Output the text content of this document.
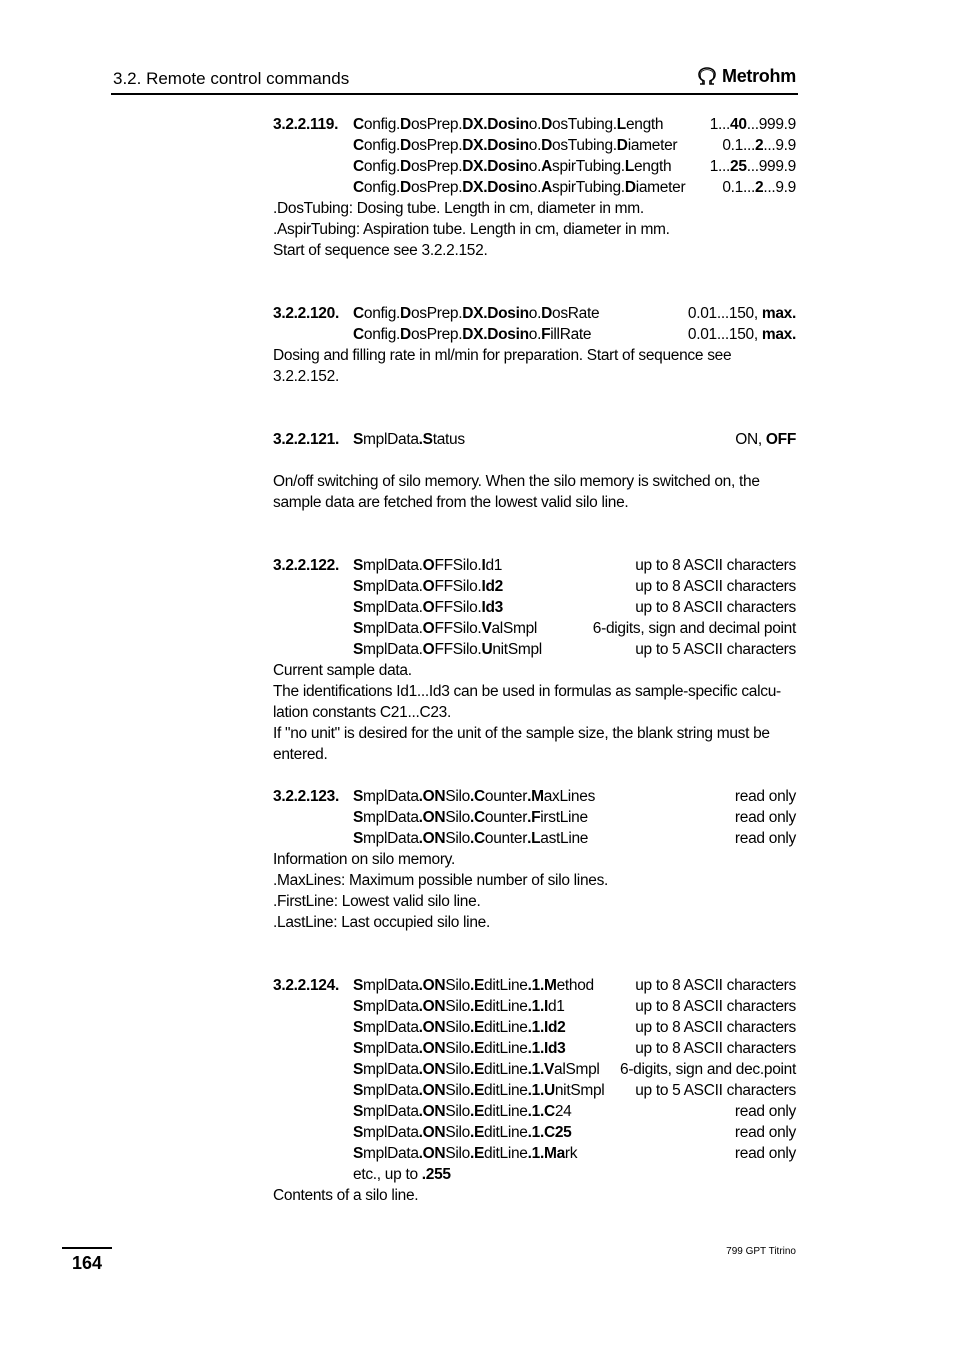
3.2. Remote control commands	Metrohm
3.2.2.119. Config.DosPrep.DX.Dosino.DosTubing.Length	1...40...999.9
Config.DosPrep.DX.Dosino.DosTubing.Diameter	0.1...2...9.9
Config.DosPrep.DX.Dosino.AspirTubing.Length 1...25...999.9
Config.DosPrep.DX.Dosino.AspirTubing.Diameter 0.1...2...9.9
.DosTubing: Dosing tube. Length in cm, diameter in mm.
.AspirTubing: Aspiration tube. Length in cm, diameter in mm.
Start of sequence see 3.2.2.152.
3.2.2.120. Config.DosPrep.DX.Dosino.DosRate	0.01...150, max.
Config.DosPrep.DX.Dosino.FillRate	0.01...150, max.
Dosing and filling rate in ml/min for preparation. Start of sequence see
3.2.2.152.
3.2.2.121. SmplData.Status	ON, OFF
On/off switching of silo memory. When the silo memory is switched on, the
sample data are fetched from the lowest valid silo line.
3.2.2.122. SmplData.OFFSilo.Id1	up to 8 ASCII characters
SmplData.OFFSilo.Id2	up to 8 ASCII characters
SmplData.OFFSilo.Id3	up to 8 ASCII characters
SmplData.OFFSilo.ValSmpl	6-digits, sign and decimal point
SmplData.OFFSilo.UnitSmpl	up to 5 ASCII characters
Current sample data.
The identifications Id1...Id3 can be used in formulas as sample-specific calcu-
lation constants C21...C23.
If "no unit" is desired for the unit of the sample size, the blank string must be
entered.
3.2.2.123. SmplData.ONSilo.Counter.MaxLines	read only
SmplData.ONSilo.Counter.FirstLine	read only
SmplData.ONSilo.Counter.LastLine	read only
Information on silo memory.
.MaxLines: Maximum possible number of silo lines.
.FirstLine: Lowest valid silo line.
.LastLine: Last occupied silo line.
3.2.2.124. SmplData.ONSilo.EditLine.1.Method	up to 8 ASCII characters
SmplData.ONSilo.EditLine.1.Id1	up to 8 ASCII characters
SmplData.ONSilo.EditLine.1.Id2	up to 8 ASCII characters
SmplData.ONSilo.EditLine.1.Id3	up to 8 ASCII characters
SmplData.ONSilo.EditLine.1.ValSmpl 6-digits, sign and dec.point
SmplData.ONSilo.EditLine.1.UnitSmpl up to 5 ASCII characters
SmplData.ONSilo.EditLine.1.C24	read only
SmplData.ONSilo.EditLine.1.C25	read only
SmplData.ONSilo.EditLine.1.Mark	read only
etc., up to .255
Contents of a silo line.
164
799 GPT Titrino
